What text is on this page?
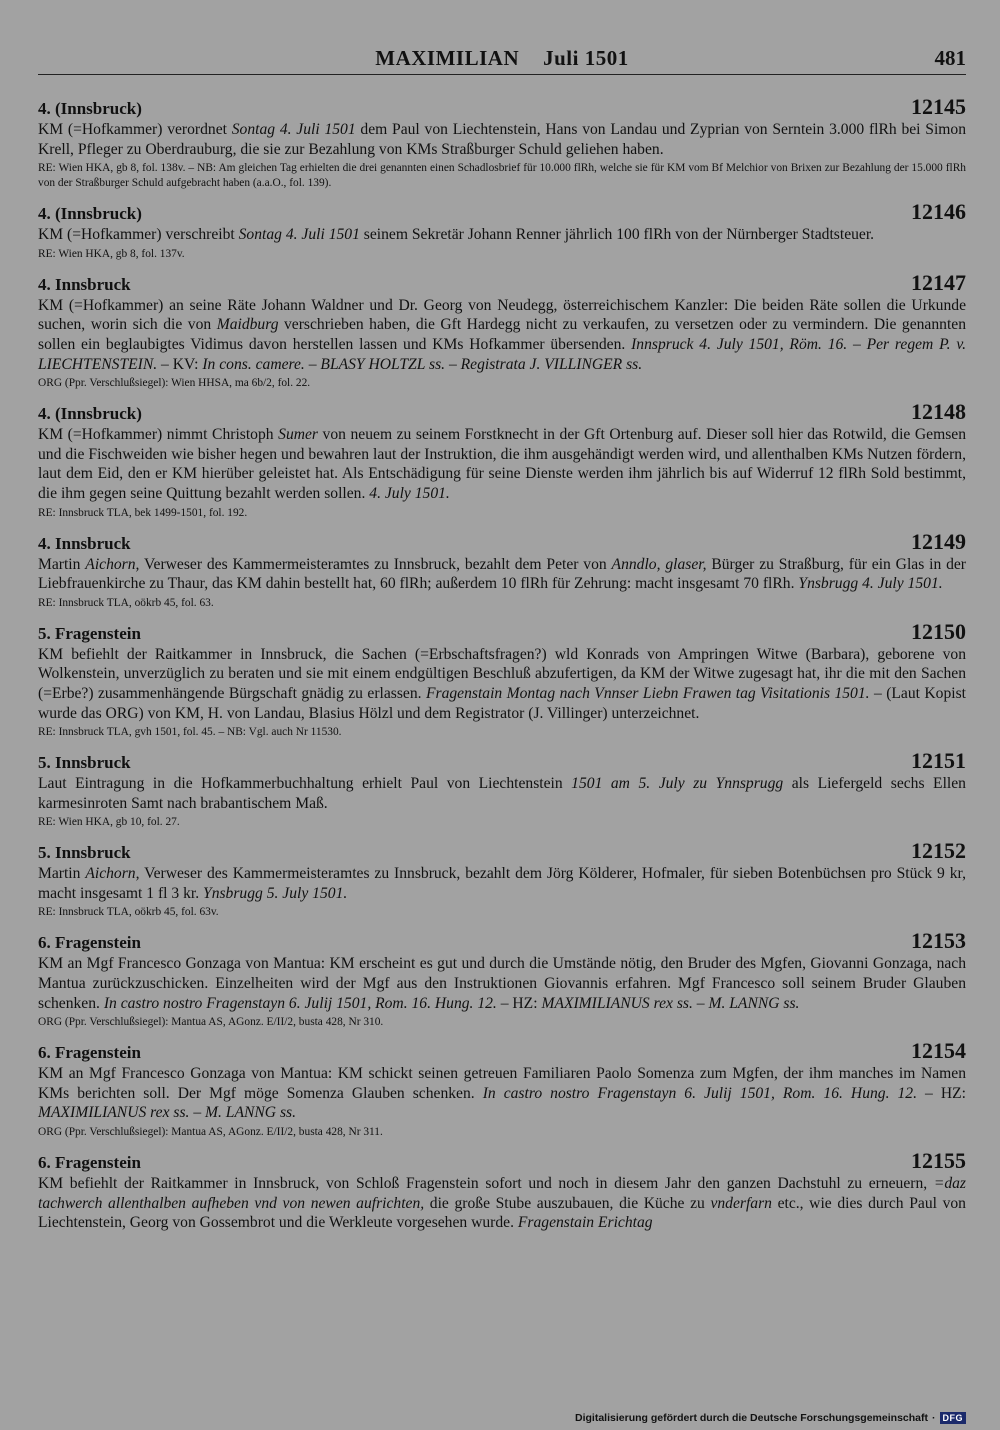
MAXIMILIAN Juli 1501	481
4. (Innsbruck)	12145
KM (=Hofkammer) verordnet Sontag 4. Juli 1501 dem Paul von Liechtenstein, Hans von Landau und Zyprian von Serntein 3.000 flRh bei Simon Krell, Pfleger zu Oberdrauburg, die sie zur Bezahlung von KMs Straßburger Schuld geliehen haben.
RE: Wien HKA, gb 8, fol. 138v. – NB: Am gleichen Tag erhielten die drei genannten einen Schadlosbrief für 10.000 flRh, welche sie für KM vom Bf Melchior von Brixen zur Bezahlung der 15.000 flRh von der Straßburger Schuld aufgebracht haben (a.a.O., fol. 139).
4. (Innsbruck)	12146
KM (=Hofkammer) verschreibt Sontag 4. Juli 1501 seinem Sekretär Johann Renner jährlich 100 flRh von der Nürnberger Stadtsteuer.
RE: Wien HKA, gb 8, fol. 137v.
4. Innsbruck	12147
KM (=Hofkammer) an seine Räte Johann Waldner und Dr. Georg von Neudegg, österreichischem Kanzler: Die beiden Räte sollen die Urkunde suchen, worin sich die von Maidburg verschrieben haben, die Gft Hardegg nicht zu verkaufen, zu versetzen oder zu vermindern. Die genannten sollen ein beglaubigtes Vidimus davon herstellen lassen und KMs Hofkammer übersenden. Innspruck 4. July 1501, Röm. 16. – Per regem P. v. LIECHTENSTEIN. – KV: In cons. camere. – BLASY HOLTZL ss. – Registrata J. VILLINGER ss.
ORG (Ppr. Verschlußsiegel): Wien HHSA, ma 6b/2, fol. 22.
4. (Innsbruck)	12148
KM (=Hofkammer) nimmt Christoph Sumer von neuem zu seinem Forstknecht in der Gft Ortenburg auf. Dieser soll hier das Rotwild, die Gemsen und die Fischweiden wie bisher hegen und bewahren laut der Instruktion, die ihm ausgehändigt werden wird, und allenthalben KMs Nutzen fördern, laut dem Eid, den er KM hierüber geleistet hat. Als Entschädigung für seine Dienste werden ihm jährlich bis auf Widerruf 12 flRh Sold bestimmt, die ihm gegen seine Quittung bezahlt werden sollen. 4. July 1501.
RE: Innsbruck TLA, bek 1499-1501, fol. 192.
4. Innsbruck	12149
Martin Aichorn, Verweser des Kammermeisteramtes zu Innsbruck, bezahlt dem Peter von Anndlo, glaser, Bürger zu Straßburg, für ein Glas in der Liebfrauenkirche zu Thaur, das KM dahin bestellt hat, 60 flRh; außerdem 10 flRh für Zehrung: macht insgesamt 70 flRh. Ynsbrugg 4. July 1501.
RE: Innsbruck TLA, oökrb 45, fol. 63.
5. Fragenstein	12150
KM befiehlt der Raitkammer in Innsbruck, die Sachen (=Erbschaftsfragen?) wld Konrads von Ampringen Witwe (Barbara), geborene von Wolkenstein, unverzüglich zu beraten und sie mit einem endgültigen Beschluß abzufertigen, da KM der Witwe zugesagt hat, ihr die mit den Sachen (=Erbe?) zusammenhängende Bürgschaft gnädig zu erlassen. Fragenstain Montag nach Vnnser Liebn Frawen tag Visitationis 1501. – (Laut Kopist wurde das ORG) von KM, H. von Landau, Blasius Hölzl und dem Registrator (J. Villinger) unterzeichnet.
RE: Innsbruck TLA, gvh 1501, fol. 45. – NB: Vgl. auch Nr 11530.
5. Innsbruck	12151
Laut Eintragung in die Hofkammerbuchhaltung erhielt Paul von Liechtenstein 1501 am 5. July zu Ynnsprugg als Liefergeld sechs Ellen karmesinroten Samt nach brabantischem Maß.
RE: Wien HKA, gb 10, fol. 27.
5. Innsbruck	12152
Martin Aichorn, Verweser des Kammermeisteramtes zu Innsbruck, bezahlt dem Jörg Kölderer, Hofmaler, für sieben Botenbüchsen pro Stück 9 kr, macht insgesamt 1 fl 3 kr. Ynsbrugg 5. July 1501.
RE: Innsbruck TLA, oökrb 45, fol. 63v.
6. Fragenstein	12153
KM an Mgf Francesco Gonzaga von Mantua: KM erscheint es gut und durch die Umstände nötig, den Bruder des Mgfen, Giovanni Gonzaga, nach Mantua zurückzuschicken. Einzelheiten wird der Mgf aus den Instruktionen Giovannis erfahren. Mgf Francesco soll seinem Bruder Glauben schenken. In castro nostro Fragenstayn 6. Julij 1501, Rom. 16. Hung. 12. – HZ: MAXIMILIANUS rex ss. – M. LANNG ss.
ORG (Ppr. Verschlußsiegel): Mantua AS, AGonz. E/II/2, busta 428, Nr 310.
6. Fragenstein	12154
KM an Mgf Francesco Gonzaga von Mantua: KM schickt seinen getreuen Familiaren Paolo Somenza zum Mgfen, der ihm manches im Namen KMs berichten soll. Der Mgf möge Somenza Glauben schenken. In castro nostro Fragenstayn 6. Julij 1501, Rom. 16. Hung. 12. – HZ: MAXIMILIANUS rex ss. – M. LANNG ss.
ORG (Ppr. Verschlußsiegel): Mantua AS, AGonz. E/II/2, busta 428, Nr 311.
6. Fragenstein	12155
KM befiehlt der Raitkammer in Innsbruck, von Schloß Fragenstein sofort und noch in diesem Jahr den ganzen Dachstuhl zu erneuern, =daz tachwerch allenthalben aufheben vnd von newen aufrichten, die große Stube auszubauen, die Küche zu vnderfarn etc., wie dies durch Paul von Liechtenstein, Georg von Gossembrot und die Werkleute vorgesehen wurde. Fragenstain Erichtag
Digitalisierung gefördert durch die Deutsche Forschungsgemeinschaft · DFG
